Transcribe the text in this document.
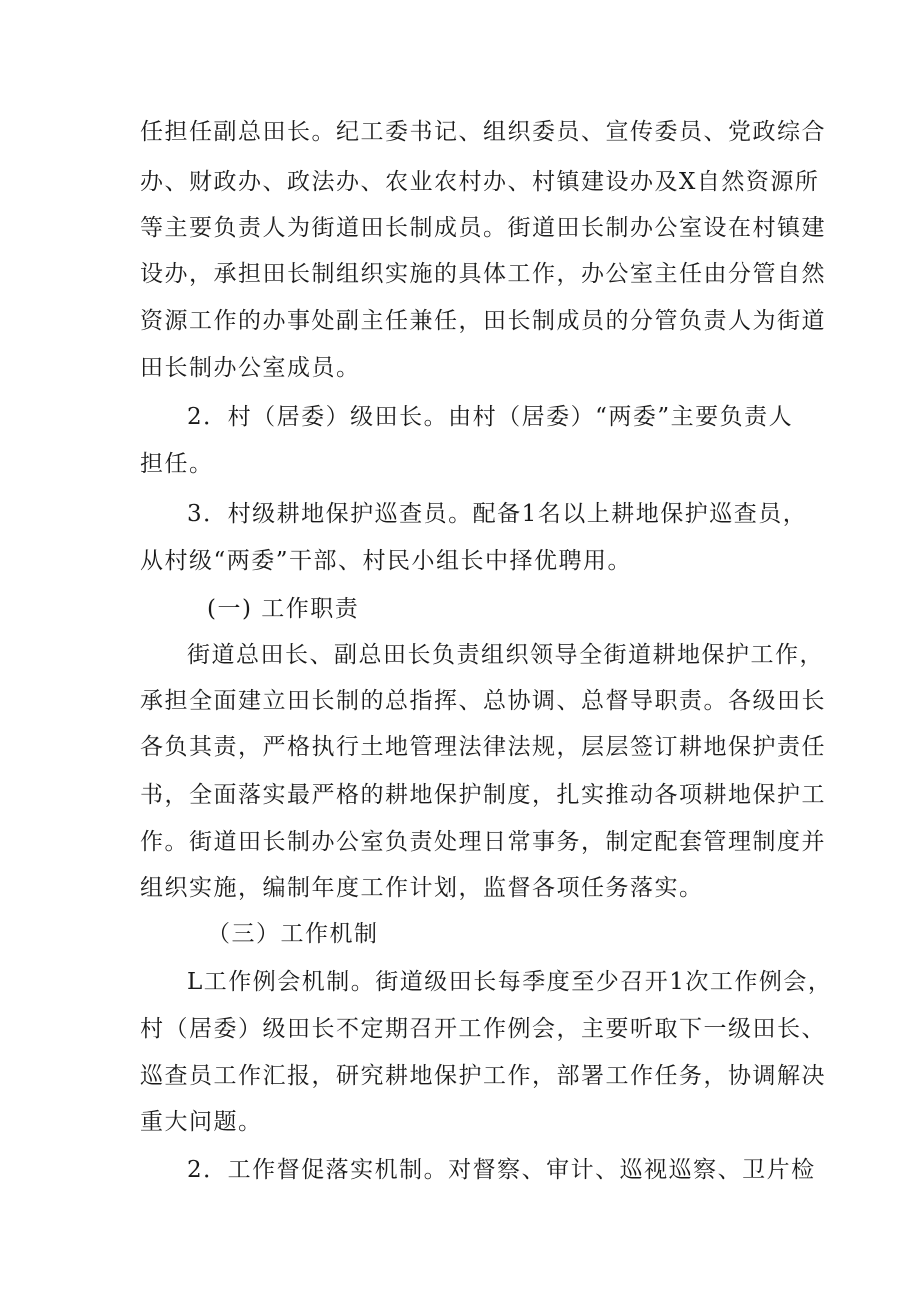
任担任副总田长。纪工委书记、组织委员、宣传委员、党政综合

办、财政办、政法办、农业农村办、村镇建设办及X自然资源所

等主要负责人为街道田长制成员。街道田长制办公室设在村镇建

设办，承担田长制组织实施的具体工作，办公室主任由分管自然

资源工作的办事处副主任兼任，田长制成员的分管负责人为街道

田长制办公室成员。

2．村（居委）级田长。由村（居委）“两委”主要负责人

担任。

3．村级耕地保护巡查员。配备1名以上耕地保护巡查员，

从村级“两委”干部、村民小组长中择优聘用。

(一) 工作职责

街道总田长、副总田长负责组织领导全街道耕地保护工作，

承担全面建立田长制的总指挥、总协调、总督导职责。各级田长

各负其责，严格执行土地管理法律法规，层层签订耕地保护责任

书，全面落实最严格的耕地保护制度，扎实推动各项耕地保护工

作。街道田长制办公室负责处理日常事务，制定配套管理制度并

组织实施，编制年度工作计划，监督各项任务落实。

（三）工作机制

L工作例会机制。街道级田长每季度至少召开1次工作例会，

村（居委）级田长不定期召开工作例会，主要听取下一级田长、

巡查员工作汇报，研究耕地保护工作，部署工作任务，协调解决

重大问题。

2．工作督促落实机制。对督察、审计、巡视巡察、卫片检
